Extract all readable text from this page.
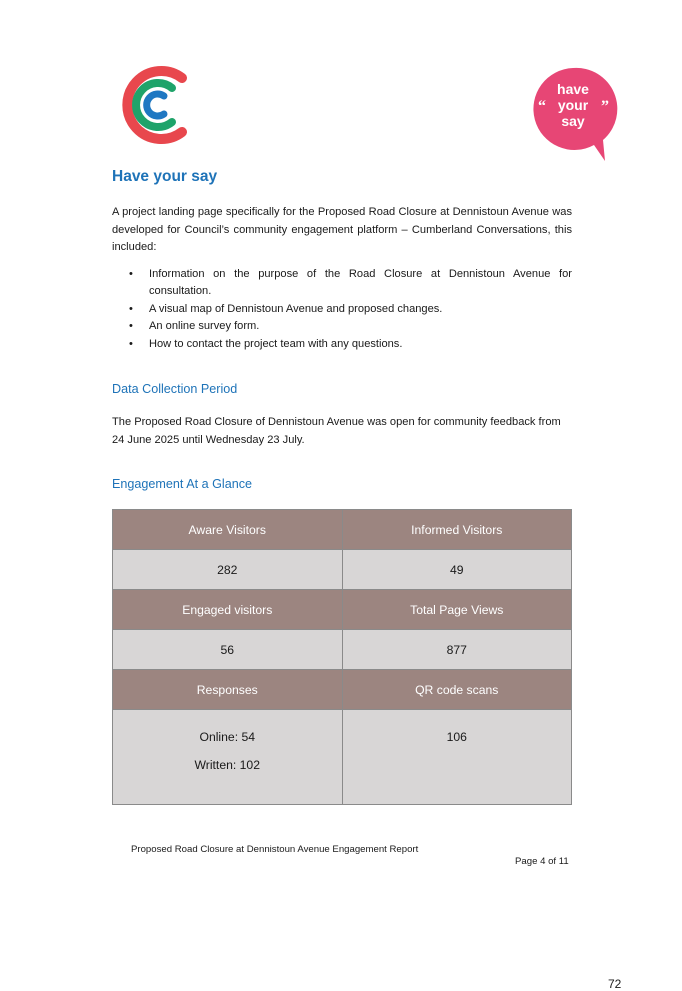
have
your
say
“	”
Have your say

A project landing page specifically for the Proposed Road Closure at Dennistoun Avenue was developed for Council’s community engagement platform – Cumberland Conversations, this included:

• Information on the purpose of the Road Closure at Dennistoun Avenue for consultation.
• A visual map of Dennistoun Avenue and proposed changes.
• An online survey form.
• How to contact the project team with any questions.
Data Collection Period

The Proposed Road Closure of Dennistoun Avenue was open for community feedback from 24 June 2025 until Wednesday 23 July.

Engagement At a Glance
Aware Visitors	Informed Visitors
282	49
Engaged visitors	Total Page Views
56	877
Responses	QR code scans

Online: 54
Written: 102	106
Proposed Road Closure at Dennistoun Avenue Engagement Report
Page 4 of 11
72
